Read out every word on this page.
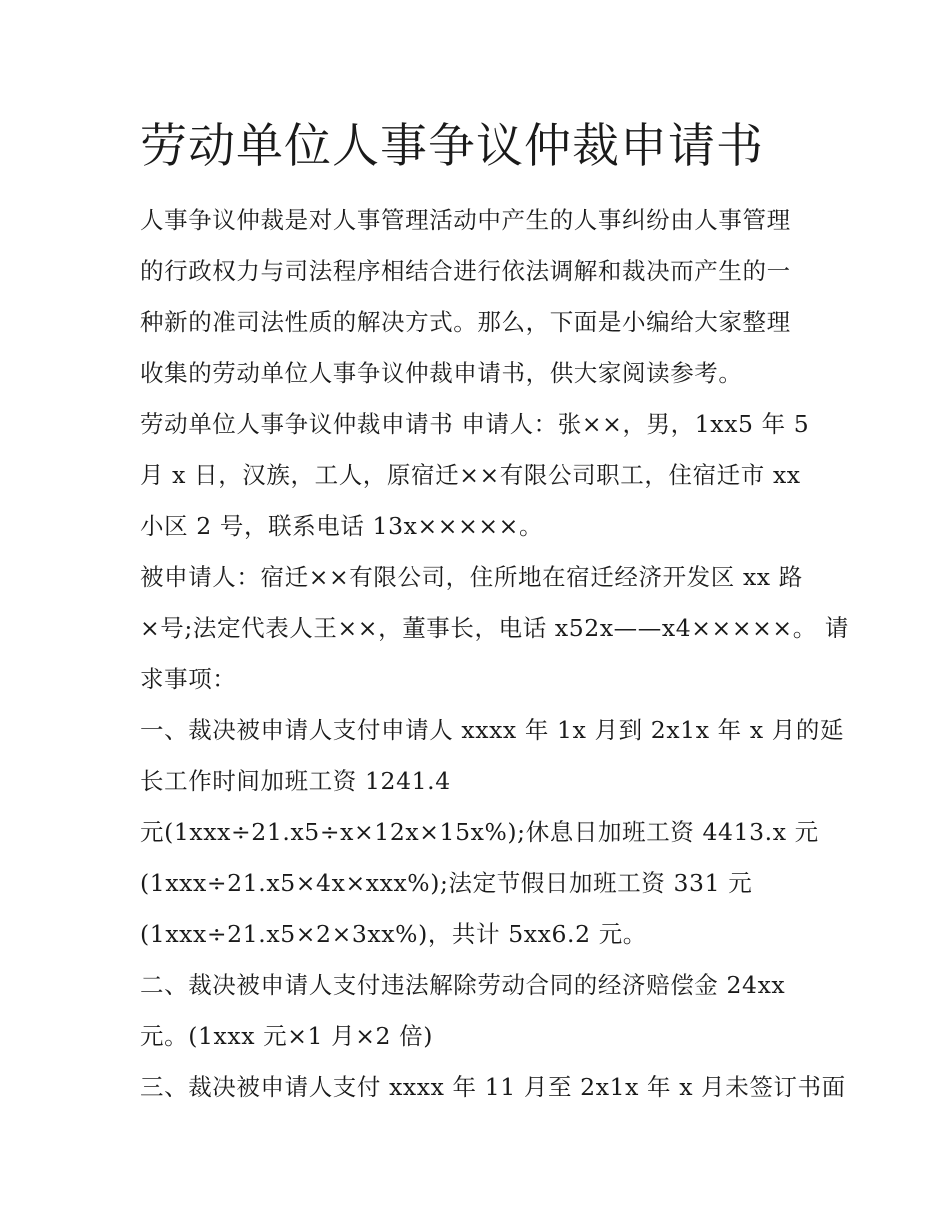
劳动单位人事争议仲裁申请书
人事争议仲裁是对人事管理活动中产生的人事纠纷由人事管理
的行政权力与司法程序相结合进行依法调解和裁决而产生的一
种新的准司法性质的解决方式。那么，下面是小编给大家整理
收集的劳动单位人事争议仲裁申请书，供大家阅读参考。
劳动单位人事争议仲裁申请书 申请人：张××，男，1xx5 年 5
月 x 日，汉族，工人，原宿迁××有限公司职工，住宿迁市 xx
小区 2 号，联系电话 13x×××××。
被申请人：宿迁××有限公司，住所地在宿迁经济开发区 xx 路
×号;法定代表人王××，董事长，电话 x52x——x4×××××。 请
求事项：
一、裁决被申请人支付申请人 xxxx 年 1x 月到 2x1x 年 x 月的延
长工作时间加班工资 1241.4
元(1xxx÷21.x5÷x×12x×15x%);休息日加班工资 4413.x 元
(1xxx÷21.x5×4x×xxx%);法定节假日加班工资 331 元
(1xxx÷21.x5×2×3xx%)，共计 5xx6.2 元。
二、裁决被申请人支付违法解除劳动合同的经济赔偿金 24xx
元。(1xxx 元×1 月×2 倍)
三、裁决被申请人支付 xxxx 年 11 月至 2x1x 年 x 月未签订书面
